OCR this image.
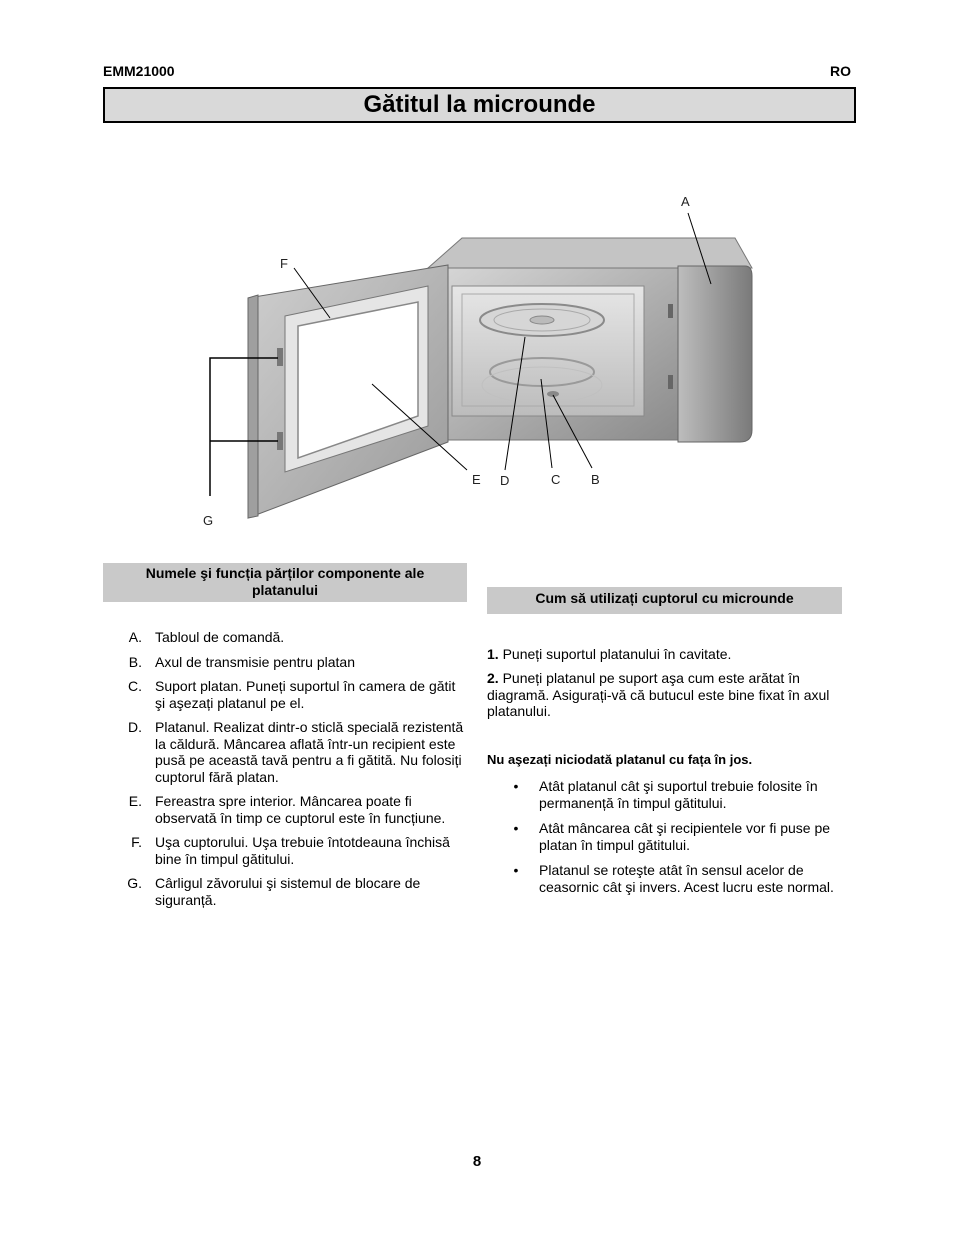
EMM21000	RO
Gătitul la microunde
A
F
E D	C B
G
Numele şi funcția părților componente ale
platanului
A. Tabloul de comandă.
B. Axul de transmisie pentru platan
C. Suport platan. Puneți suportul în camera de gătit şi aşezați platanul pe el.
D. Platanul. Realizat dintr-o sticlă specială rezistentă la căldură. Mâncarea aflată într-un recipient este pusă pe această tavă pentru a fi gătită. Nu folosiți cuptorul fără platan.
E. Fereastra spre interior. Mâncarea poate fi observată în timp ce cuptorul este în funcțiune.
F. Uşa cuptorului. Uşa trebuie întotdeauna închisă bine în timpul gătitului.
G. Cârligul zăvorului şi sistemul de blocare de siguranță.
Cum să utilizați cuptorul cu microunde
1. Puneți suportul platanului în cavitate.
2. Puneți platanul pe suport aşa cum este arătat în diagramă. Asigurați-vă că butucul este bine fixat în axul platanului.
Nu aşezați niciodată platanul cu fața în jos.
•	Atât platanul cât şi suportul trebuie folosite în permanență în timpul gătitului.
•	Atât mâncarea cât şi recipientele vor fi puse pe platan în timpul gătitului.
•	Platanul se roteşte atât în sensul acelor de ceasornic cât şi invers. Acest lucru este normal.
8
